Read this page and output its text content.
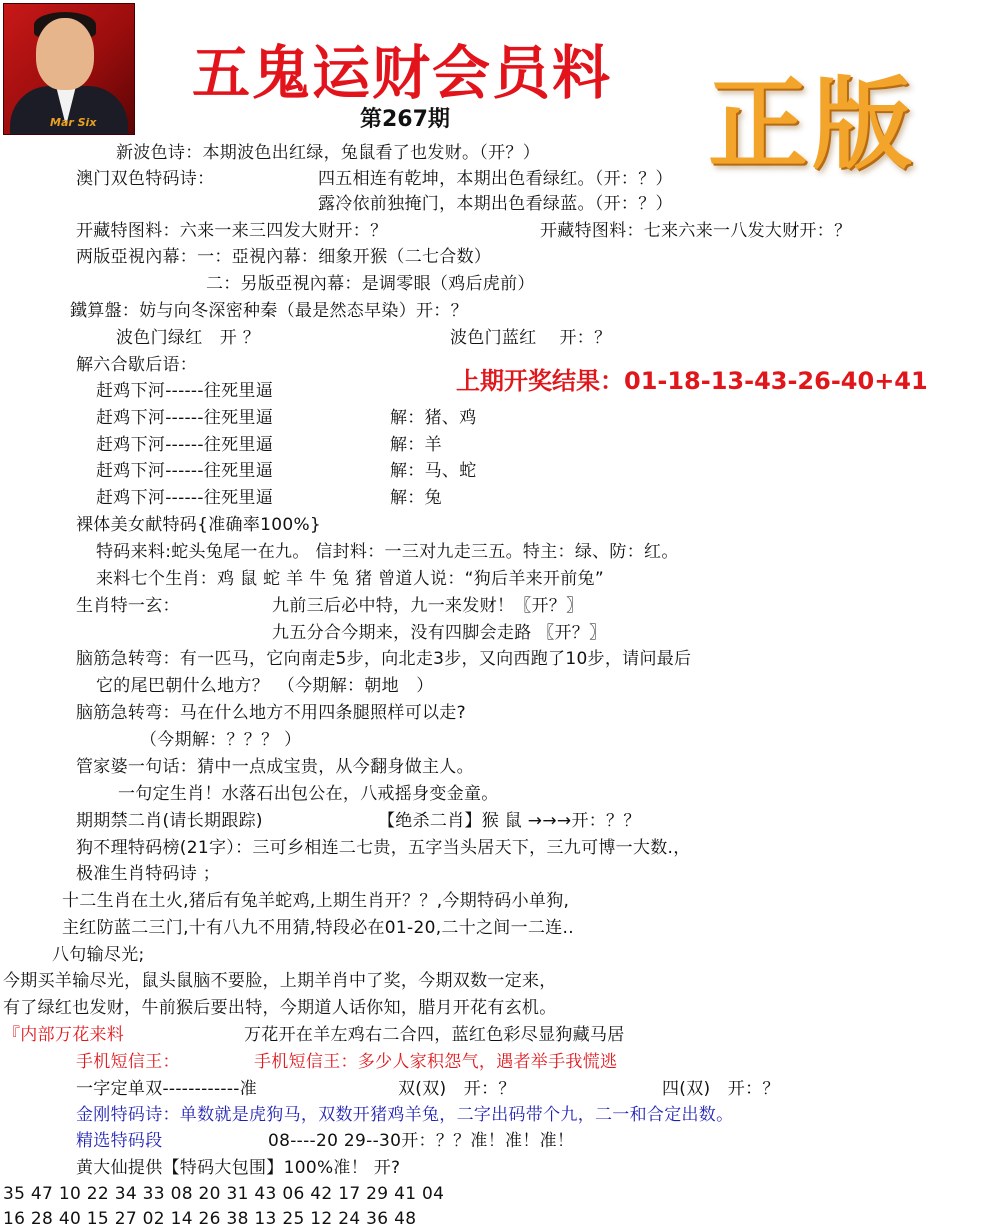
Mar Six
五鬼运财会员料
第267期	正版
新波色诗：本期波色出红绿，兔鼠看了也发财。（开？）
澳门双色特码诗：	四五相连有乾坤，本期出色看绿红。（开：？）
露冷依前独掩门，本期出色看绿蓝。（开：？）
开藏特图料：六来一来三四发大财开：？	开藏特图料：七来六来一八发大财开：？
两版亞視內幕：一：亞視內幕：细象开猴（二七合数）
二：另版亞視內幕：是调零眼（鸡后虎前）
鐵算盤：妨与向冬深密种秦（最是然态早染）开：？
波色门绿红　开 ？	波色门蓝红　 开：？
解六合歇后语：
上期开奖结果：01-18-13-43-26-40+41
赶鸡下河------往死里逼
赶鸡下河------往死里逼	解：猪、鸡
赶鸡下河------往死里逼	解：羊
赶鸡下河------往死里逼	解：马、蛇
赶鸡下河------往死里逼	解：兔
裸体美女献特码{准确率100%}
特码来料:蛇头兔尾一在九。 信封料：一三对九走三五。特主：绿、防：红。
来料七个生肖：鸡 鼠 蛇 羊 牛 兔 猪 曾道人说：“狗后羊来开前兔”
生肖特一玄：	九前三后必中特，九一来发财！〖开？〗
九五分合今期来，没有四脚会走路 〖开？〗
脑筋急转弯：有一匹马，它向南走5步，向北走3步，又向西跑了10步，请问最后
它的尾巴朝什么地方？　（今期解：朝地　）
脑筋急转弯：马在什么地方不用四条腿照样可以走?
（今期解：？？？ ）
管家婆一句话：猜中一点成宝贵，从今翻身做主人。
一句定生肖！水落石出包公在，八戒摇身变金童。
期期禁二肖(请长期跟踪)	【绝杀二肖】猴 鼠 →→→开：？？
狗不理特码榜(21字）：三可乡相连二七贵，五字当头居天下，三九可博一大数.，
极准生肖特码诗 ；
十二生肖在土火,猪后有兔羊蛇鸡,上期生肖开？？,今期特码小单狗,
主红防蓝二三门,十有八九不用猜,特段必在01-20,二十之间一二连..
八句输尽光;
今期买羊输尽光，鼠头鼠脑不要脸，上期羊肖中了奖，今期双数一定来，
有了绿红也发财，牛前猴后要出特，今期道人话你知，腊月开花有玄机。
『内部万花来料	万花开在羊左鸡右二合四，蓝红色彩尽显狗藏马居
手机短信王：	手机短信王：多少人家积怨气，遇者举手我慌逃
一字定单双------------准	双(双)　开：？	四(双)　开：？
金刚特码诗：单数就是虎狗马，双数开猪鸡羊兔，二字出码带个九，二一和合定出数。
精选特码段	08----20 29--30开：？？准！准！准！
黄大仙提供【特码大包围】100%准！ 开?
35 47 10 22 34 33 08 20 31 43 06 42 17 29 41 04
16 28 40 15 27 02 14 26 38 13 25 12 24 36 48
